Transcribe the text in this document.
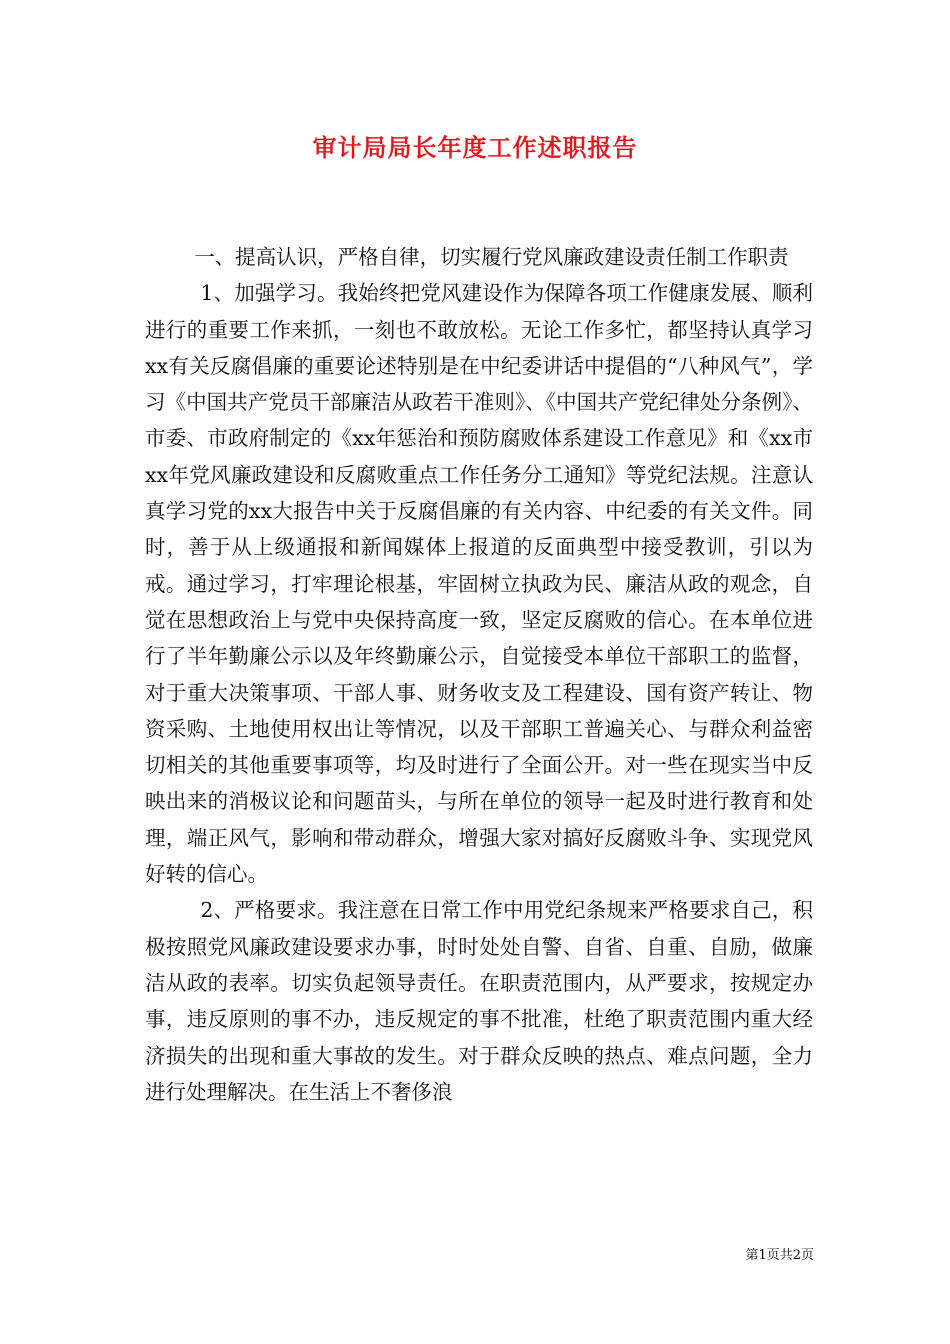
审计局局长年度工作述职报告

一、提高认识，严格自律，切实履行党风廉政建设责任制工作职责

1、加强学习。我始终把党风建设作为保障各项工作健康发展、顺利进行的重要工作来抓，一刻也不敢放松。无论工作多忙，都坚持认真学习xx有关反腐倡廉的重要论述特别是在中纪委讲话中提倡的“八种风气”，学习《中国共产党员干部廉洁从政若干准则》、《中国共产党纪律处分条例》、市委、市政府制定的《xx年惩治和预防腐败体系建设工作意见》和《xx市xx年党风廉政建设和反腐败重点工作任务分工通知》等党纪法规。注意认真学习党的xx大报告中关于反腐倡廉的有关内容、中纪委的有关文件。同时，善于从上级通报和新闻媒体上报道的反面典型中接受教训，引以为戒。通过学习，打牢理论根基，牢固树立执政为民、廉洁从政的观念，自觉在思想政治上与党中央保持高度一致，坚定反腐败的信心。在本单位进行了半年勤廉公示以及年终勤廉公示，自觉接受本单位干部职工的监督，对于重大决策事项、干部人事、财务收支及工程建设、国有资产转让、物资采购、土地使用权出让等情况，以及干部职工普遍关心、与群众利益密切相关的其他重要事项等，均及时进行了全面公开。对一些在现实当中反映出来的消极议论和问题苗头，与所在单位的领导一起及时进行教育和处理，端正风气，影响和带动群众，增强大家对搞好反腐败斗争、实现党风好转的信心。

2、严格要求。我注意在日常工作中用党纪条规来严格要求自己，积极按照党风廉政建设要求办事，时时处处自警、自省、自重、自励，做廉洁从政的表率。切实负起领导责任。在职责范围内，从严要求，按规定办事，违反原则的事不办，违反规定的事不批准，杜绝了职责范围内重大经济损失的出现和重大事故的发生。对于群众反映的热点、难点问题，全力进行处理解决。在生活上不奢侈浪

第1页共2页
